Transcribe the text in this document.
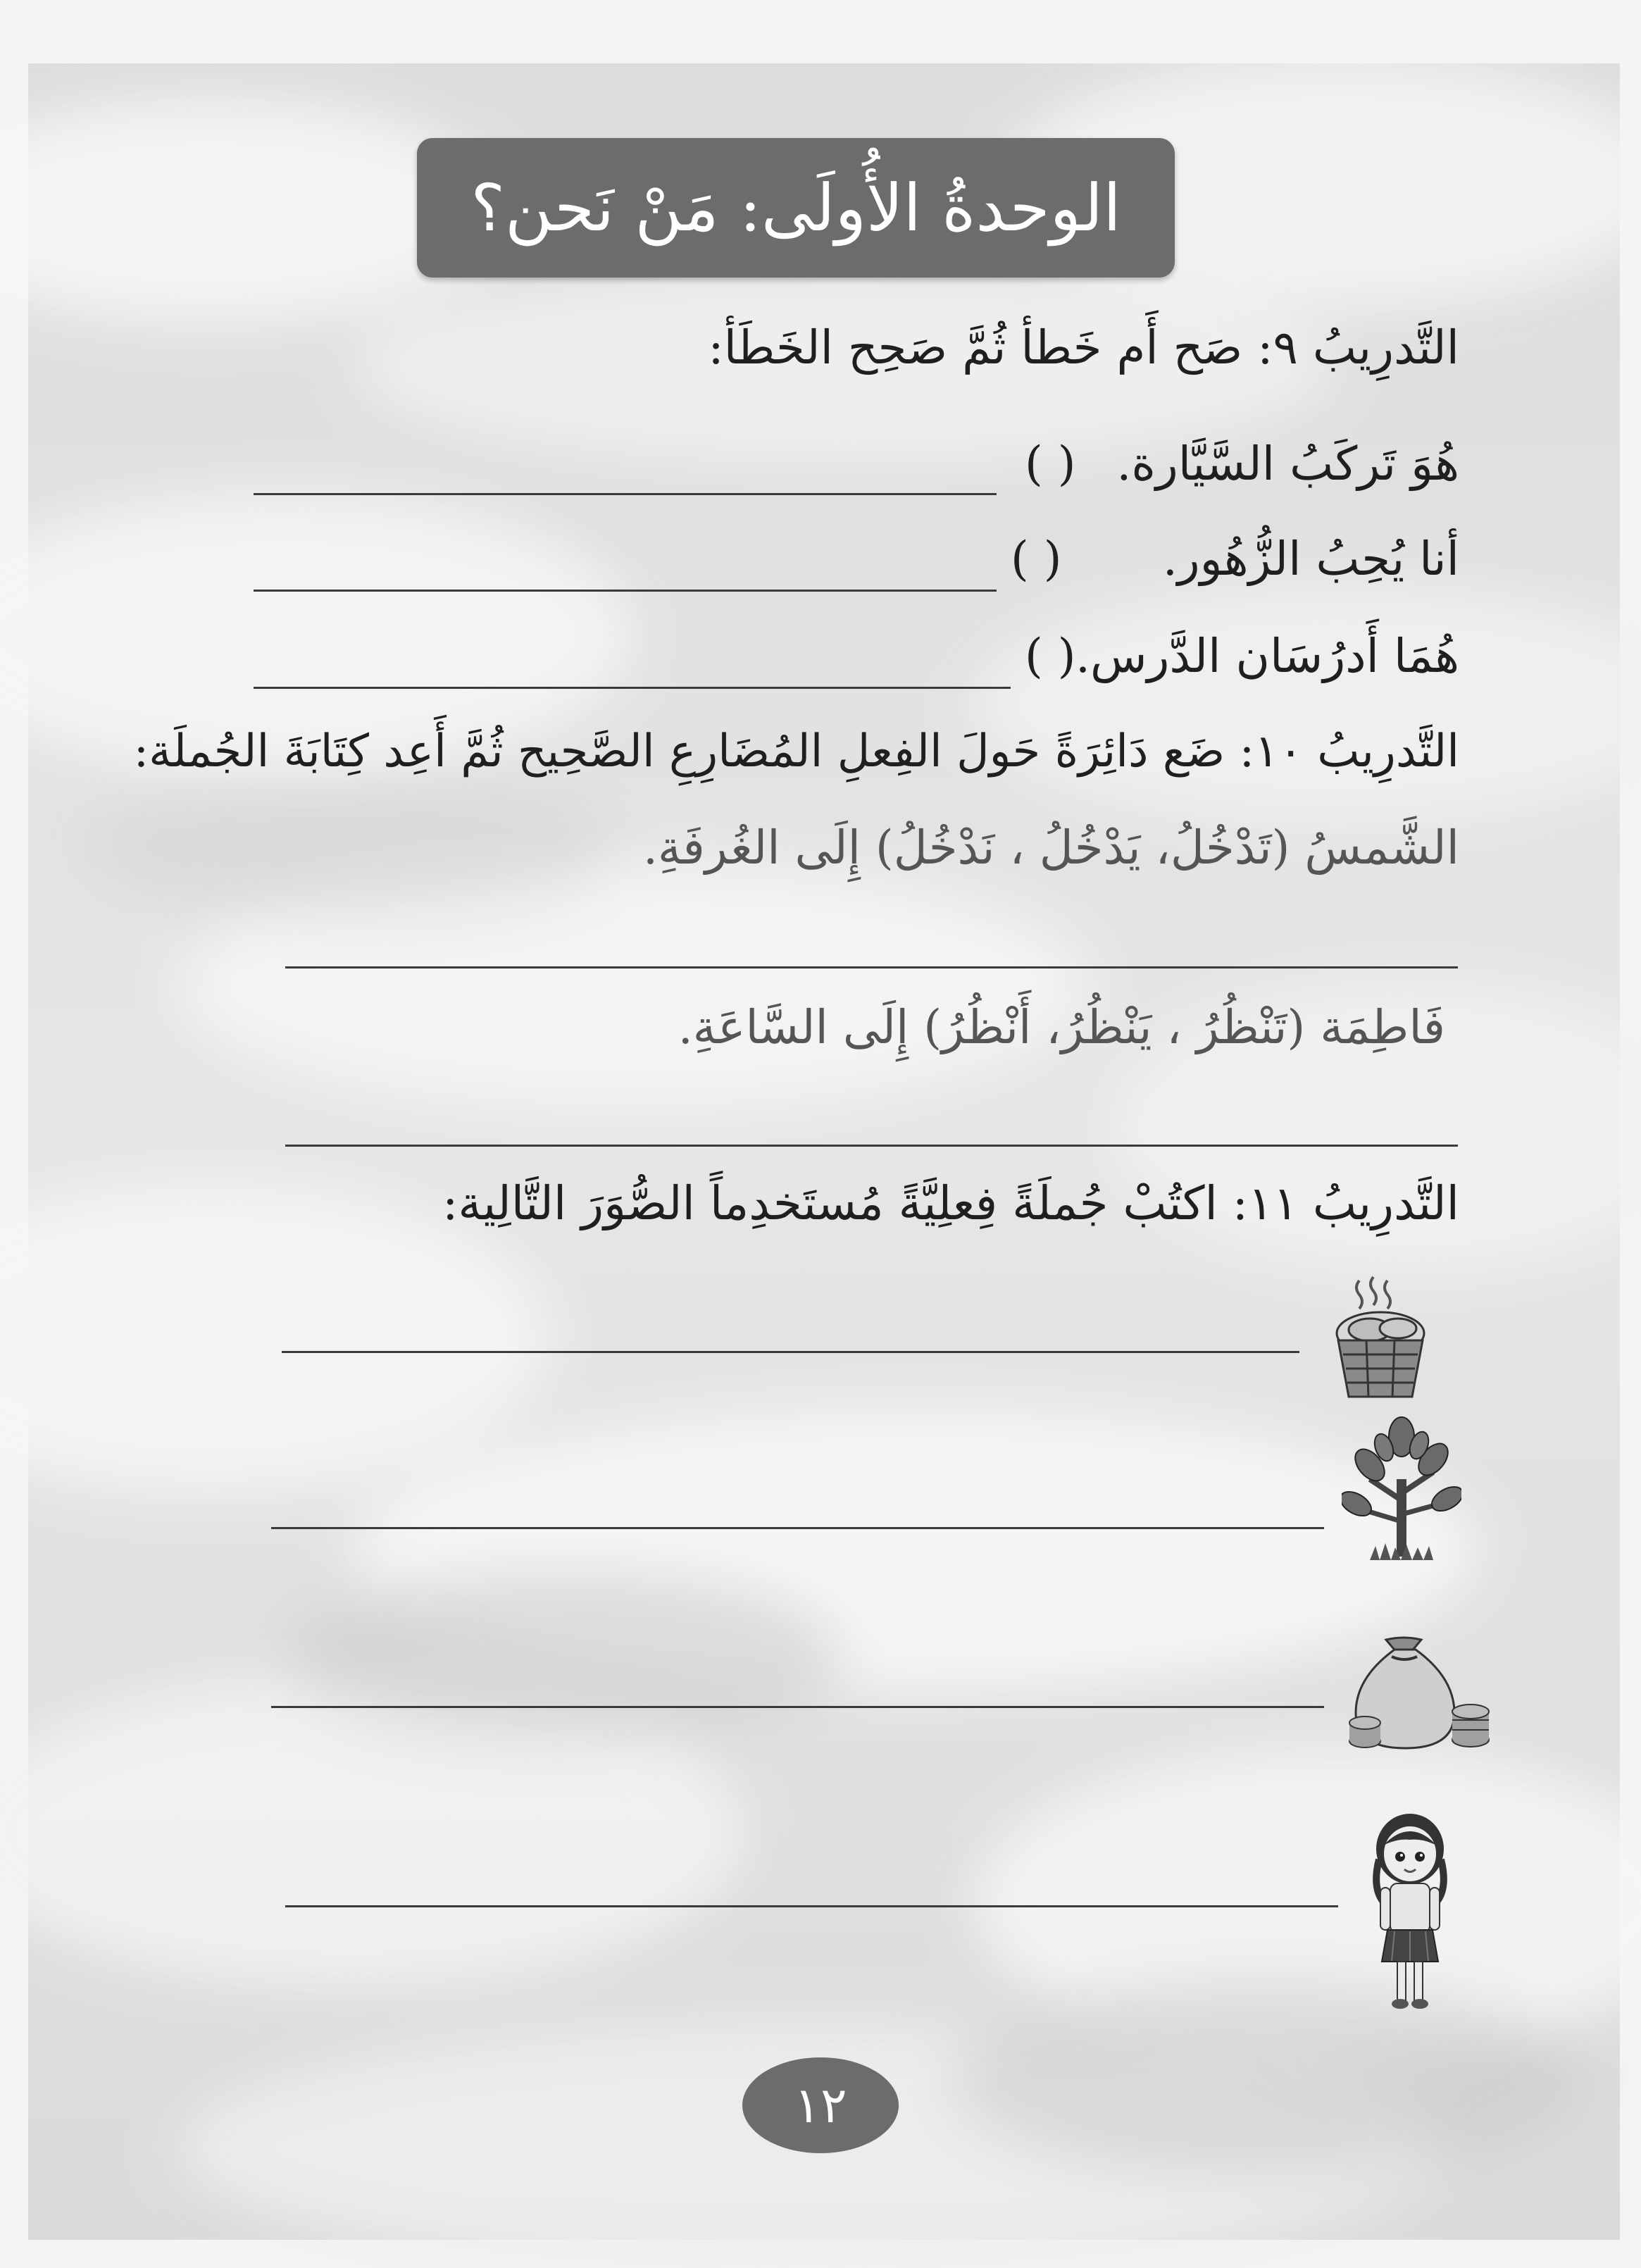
الوحدةُ الأُولَى: مَنْ نَحن؟
التَّدرِيبُ ٩: صَح أَم خَطأ ثُمَّ صَحِح الخَطَأ:
هُوَ تَركَبُ السَّيَّارة.
( )
أنا يُحِبُ الزُّهُور.
( )
هُمَا أَدرُسَان الدَّرس.
( )
التَّدرِيبُ ١٠: ضَع دَائِرَةً حَولَ الفِعلِ المُضَارِعِ الصَّحِيح ثُمَّ أَعِد كِتَابَةَ الجُملَة:
الشَّمسُ (تَدْخُلُ، يَدْخُلُ ، نَدْخُلُ) إِلَى الغُرفَةِ.
فَاطِمَة (تَنْظُرُ ، يَنْظُرُ، أَنْظُرُ) إِلَى السَّاعَةِ.
التَّدرِيبُ ١١: اكتُبْ جُملَةً فِعلِيَّةً مُستَخدِماً الصُّوَرَ التَّالِية:
١٢
